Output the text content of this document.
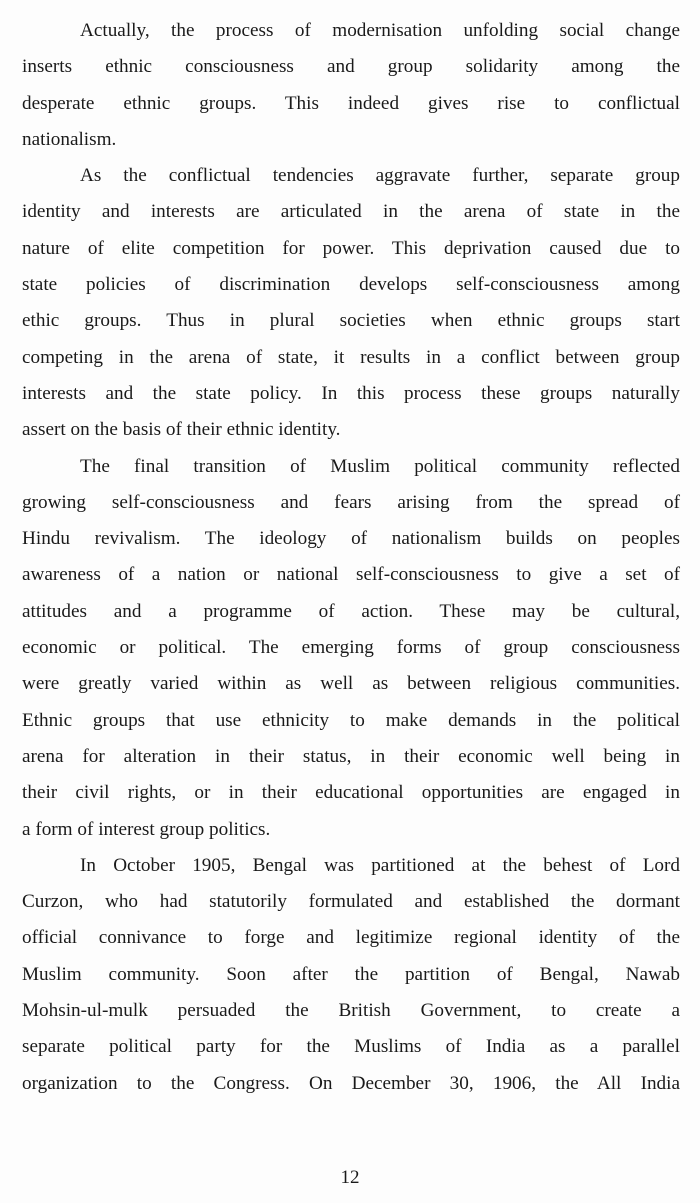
Actually, the process of modernisation unfolding social change
inserts ethnic consciousness and group solidarity among the
desperate ethnic groups. This indeed gives rise to conflictual
nationalism.
As the conflictual tendencies aggravate further, separate group
identity and interests are articulated in the arena of state in the
nature of elite competition for power. This deprivation caused due to
state policies of discrimination develops self-consciousness among
ethic groups. Thus in plural societies when ethnic groups start
competing in the arena of state, it results in a conflict between group
interests and the state policy. In this process these groups naturally
assert on the basis of their ethnic identity.
The final transition of Muslim political community reflected
growing self-consciousness and fears arising from the spread of
Hindu revivalism. The ideology of nationalism builds on peoples
awareness of a nation or national self-consciousness to give a set of
attitudes and a programme of action. These may be cultural,
economic or political. The emerging forms of group consciousness
were greatly varied within as well as between religious communities.
Ethnic groups that use ethnicity to make demands in the political
arena for alteration in their status, in their economic well being in
their civil rights, or in their educational opportunities are engaged in
a form of interest group politics.
In October 1905, Bengal was partitioned at the behest of Lord
Curzon, who had statutorily formulated and established the dormant
official connivance to forge and legitimize regional identity of the
Muslim community. Soon after the partition of Bengal, Nawab
Mohsin-ul-mulk persuaded the British Government, to create a
separate political party for the Muslims of India as a parallel
organization to the Congress. On December 30, 1906, the All India
12
